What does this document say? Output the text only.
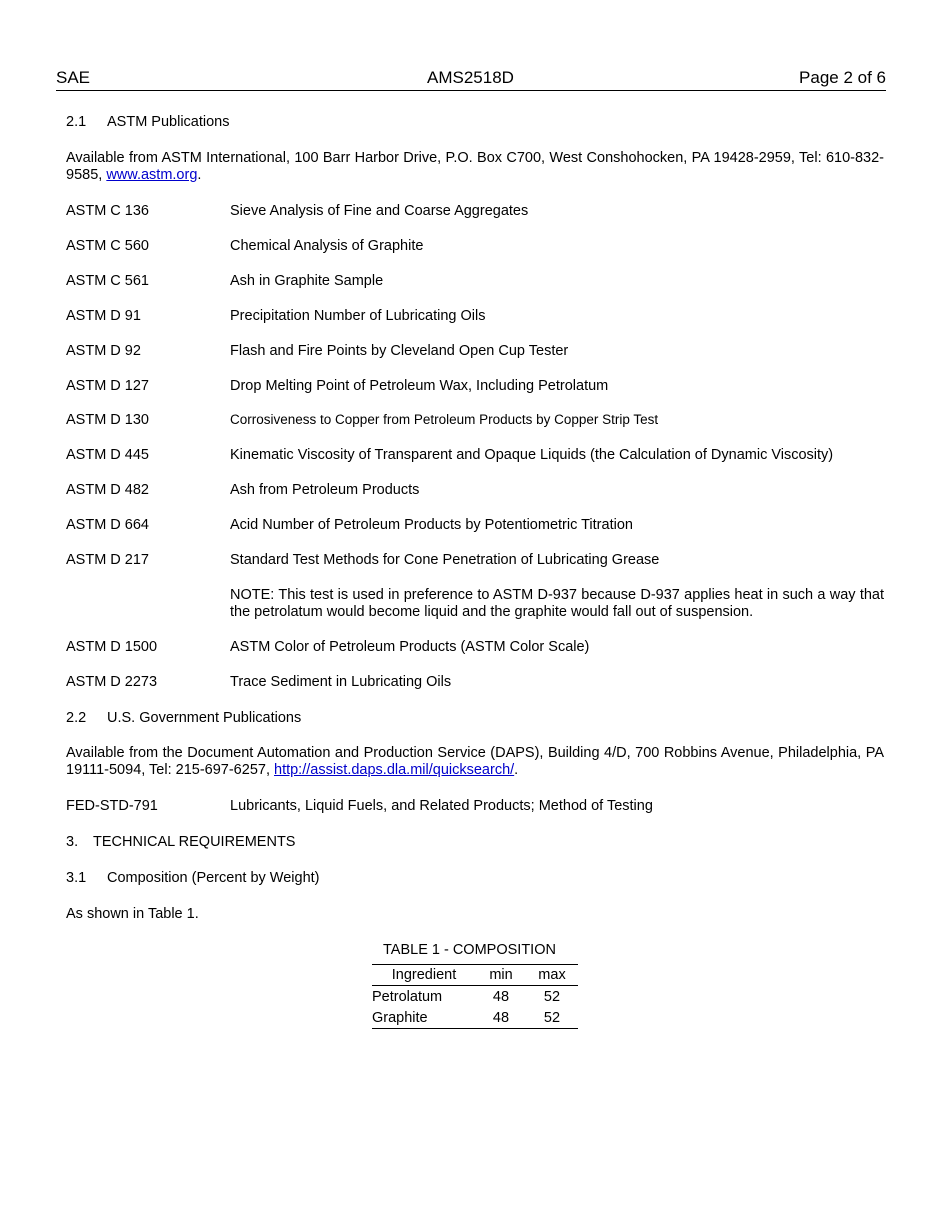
SAE	AMS2518D	Page 2 of 6
2.1 ASTM Publications
Available from ASTM International, 100 Barr Harbor Drive, P.O. Box C700, West Conshohocken, PA 19428-2959, Tel: 610-832-9585, www.astm.org.
ASTM C 136	Sieve Analysis of Fine and Coarse Aggregates
ASTM C 560	Chemical Analysis of Graphite
ASTM C 561	Ash in Graphite Sample
ASTM D 91	Precipitation Number of Lubricating Oils
ASTM D 92	Flash and Fire Points by Cleveland Open Cup Tester
ASTM D 127	Drop Melting Point of Petroleum Wax, Including Petrolatum
ASTM D 130	Corrosiveness to Copper from Petroleum Products by Copper Strip Test
ASTM D 445	Kinematic Viscosity of Transparent and Opaque Liquids (the Calculation of Dynamic Viscosity)
ASTM D 482	Ash from Petroleum Products
ASTM D 664	Acid Number of Petroleum Products by Potentiometric Titration
ASTM D 217	Standard Test Methods for Cone Penetration of Lubricating Grease
NOTE: This test is used in preference to ASTM D-937 because D-937 applies heat in such a way that the petrolatum would become liquid and the graphite would fall out of suspension.
ASTM D 1500	ASTM Color of Petroleum Products (ASTM Color Scale)
ASTM D 2273	Trace Sediment in Lubricating Oils
2.2 U.S. Government Publications
Available from the Document Automation and Production Service (DAPS), Building 4/D, 700 Robbins Avenue, Philadelphia, PA 19111-5094, Tel: 215-697-6257, http://assist.daps.dla.mil/quicksearch/.
FED-STD-791	Lubricants, Liquid Fuels, and Related Products; Method of Testing
3. TECHNICAL REQUIREMENTS
3.1 Composition (Percent by Weight)
As shown in Table 1.
TABLE 1 - COMPOSITION
Ingredient	min	max
Petrolatum	48	52
Graphite	48	52
